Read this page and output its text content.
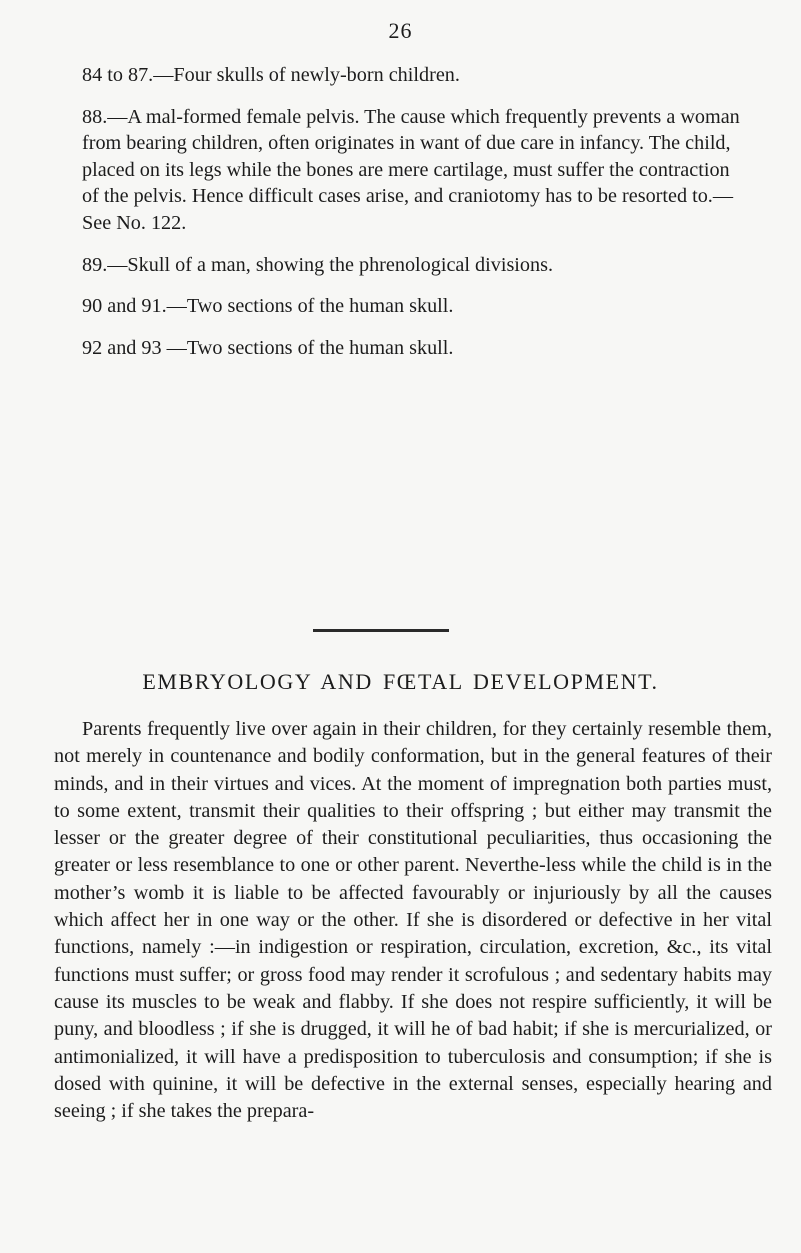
26

84 to 87.—Four skulls of newly-born children.

88.—A mal-formed female pelvis. The cause which frequently prevents a woman from bearing children, often originates in want of due care in infancy. The child, placed on its legs while the bones are mere cartilage, must suffer the contraction of the pelvis. Hence difficult cases arise, and craniotomy has to be resorted to.—See No. 122.

89.—Skull of a man, showing the phrenological divisions.

90 and 91.—Two sections of the human skull.

92 and 93 —Two sections of the human skull.

EMBRYOLOGY AND FŒTAL DEVELOPMENT.

Parents frequently live over again in their children, for they certainly resemble them, not merely in countenance and bodily conformation, but in the general features of their minds, and in their virtues and vices. At the moment of impregnation both parties must, to some extent, transmit their qualities to their offspring ; but either may transmit the lesser or the greater degree of their constitutional peculiarities, thus occasioning the greater or less resemblance to one or other parent. Neverthe-less while the child is in the mother’s womb it is liable to be affected favourably or injuriously by all the causes which affect her in one way or the other. If she is disordered or defective in her vital functions, namely :—in indigestion or respiration, circulation, excretion, &c., its vital functions must suffer; or gross food may render it scrofulous ; and sedentary habits may cause its muscles to be weak and flabby. If she does not respire sufficiently, it will be puny, and bloodless ; if she is drugged, it will he of bad habit; if she is mercurialized, or antimonialized, it will have a predisposition to tuberculosis and consumption; if she is dosed with quinine, it will be defective in the external senses, especially hearing and seeing ; if she takes the prepara-
